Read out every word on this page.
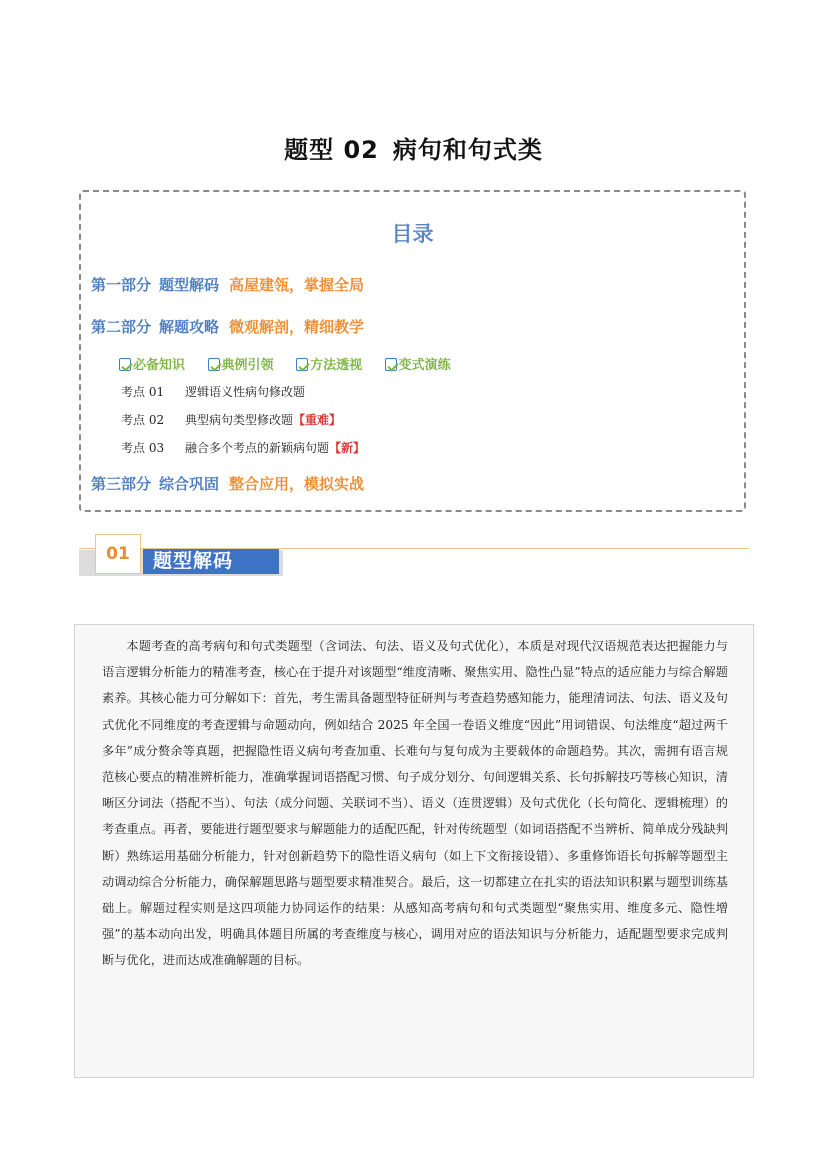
题型 02 病句和句式类
目录
第一部分 题型解码 高屋建瓴，掌握全局
第二部分 解题攻略 微观解剖，精细教学
必备知识	典例引领	方法透视	变式演练
考点 01 逻辑语义性病句修改题
考点 02 典型病句类型修改题【重难】
考点 03 融合多个考点的新颖病句题【新】
第三部分 综合巩固 整合应用，模拟实战
题型解码
01

本题考查的高考病句和句式类题型（含词法、句法、语义及句式优化），本质是对现代汉语规范表达把握能力与语言逻辑分析能力的精准考查，核心在于提升对该题型“维度清晰、聚焦实用、隐性凸显”特点的适应能力与综合解题素养。其核心能力可分解如下：首先，考生需具备题型特征研判与考查趋势感知能力，能理清词法、句法、语义及句式优化不同维度的考查逻辑与命题动向，例如结合 2025 年全国一卷语义维度“因此”用词错误、句法维度“超过两千多年”成分赘余等真题，把握隐性语义病句考查加重、长难句与复句成为主要载体的命题趋势。其次，需拥有语言规范核心要点的精准辨析能力，准确掌握词语搭配习惯、句子成分划分、句间逻辑关系、长句拆解技巧等核心知识，清晰区分词法（搭配不当）、句法（成分问题、关联词不当）、语义（连贯逻辑）及句式优化（长句简化、逻辑梳理）的考查重点。再者，要能进行题型要求与解题能力的适配匹配，针对传统题型（如词语搭配不当辨析、简单成分残缺判断）熟练运用基础分析能力，针对创新趋势下的隐性语义病句（如上下文衔接设错）、多重修饰语长句拆解等题型主动调动综合分析能力，确保解题思路与题型要求精准契合。最后，这一切都建立在扎实的语法知识积累与题型训练基础上。解题过程实则是这四项能力协同运作的结果：从感知高考病句和句式类题型“聚焦实用、维度多元、隐性增强”的基本动向出发，明确具体题目所属的考查维度与核心，调用对应的语法知识与分析能力，适配题型要求完成判断与优化，进而达成准确解题的目标。
